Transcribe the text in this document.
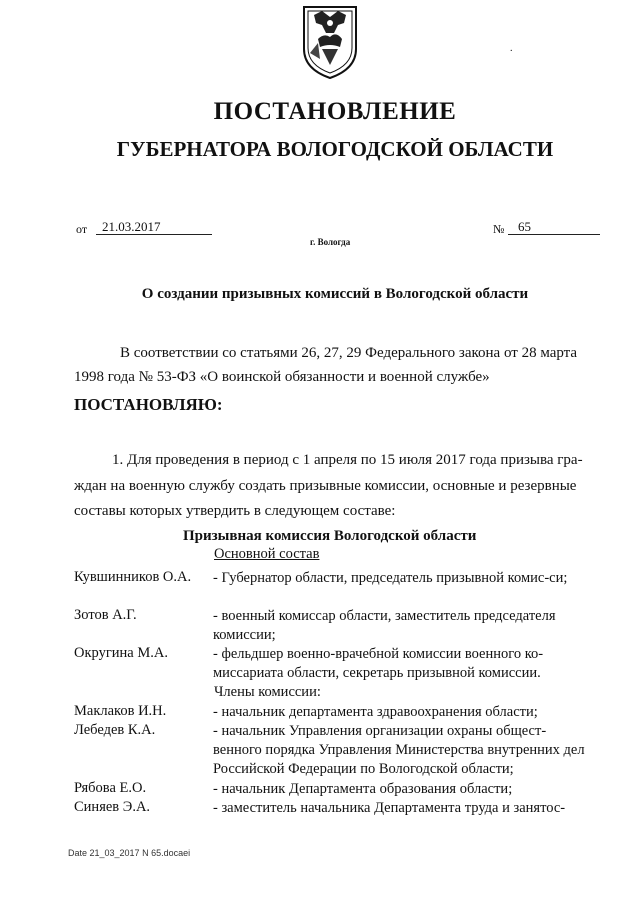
.
ПОСТАНОВЛЕНИЕ
ГУБЕРНАТОРА ВОЛОГОДСКОЙ ОБЛАСТИ
от	21.03.2017	№	65
г. Вологда
О создании призывных комиссий в Вологодской области
В соответствии со статьями 26, 27, 29 Федерального закона от 28 марта
1998 года № 53-ФЗ «О воинской обязанности и военной службе»
ПОСТАНОВЛЯЮ:
1. Для проведения в период с 1 апреля по 15 июля 2017 года призыва гра-
ждан на военную службу создать призывные комиссии, основные и резервные
составы которых утвердить в следующем составе:
Призывная комиссия Вологодской области
Основной состав
Кувшинников О.А. - Губернатор области, председатель призывной комис-си;
Зотов А.Г.	- военный комиссар области, заместитель председателя комиссии;
Округина М.А.	- фельдшер военно-врачебной комиссии военного ко-миссариата области, секретарь призывной комиссии.
Члены комиссии:
Маклаков И.Н.	- начальник департамента здравоохранения области;
Лебедев К.А.	- начальник Управления организации охраны общест-венного порядка Управления Министерства внутренних дел Российской Федерации по Вологодской области;
Рябова Е.О.	- начальник Департамента образования области;
Синяев Э.А.	- заместитель начальника Департамента труда и занятос-
Date 21_03_2017 N 65.docaei
